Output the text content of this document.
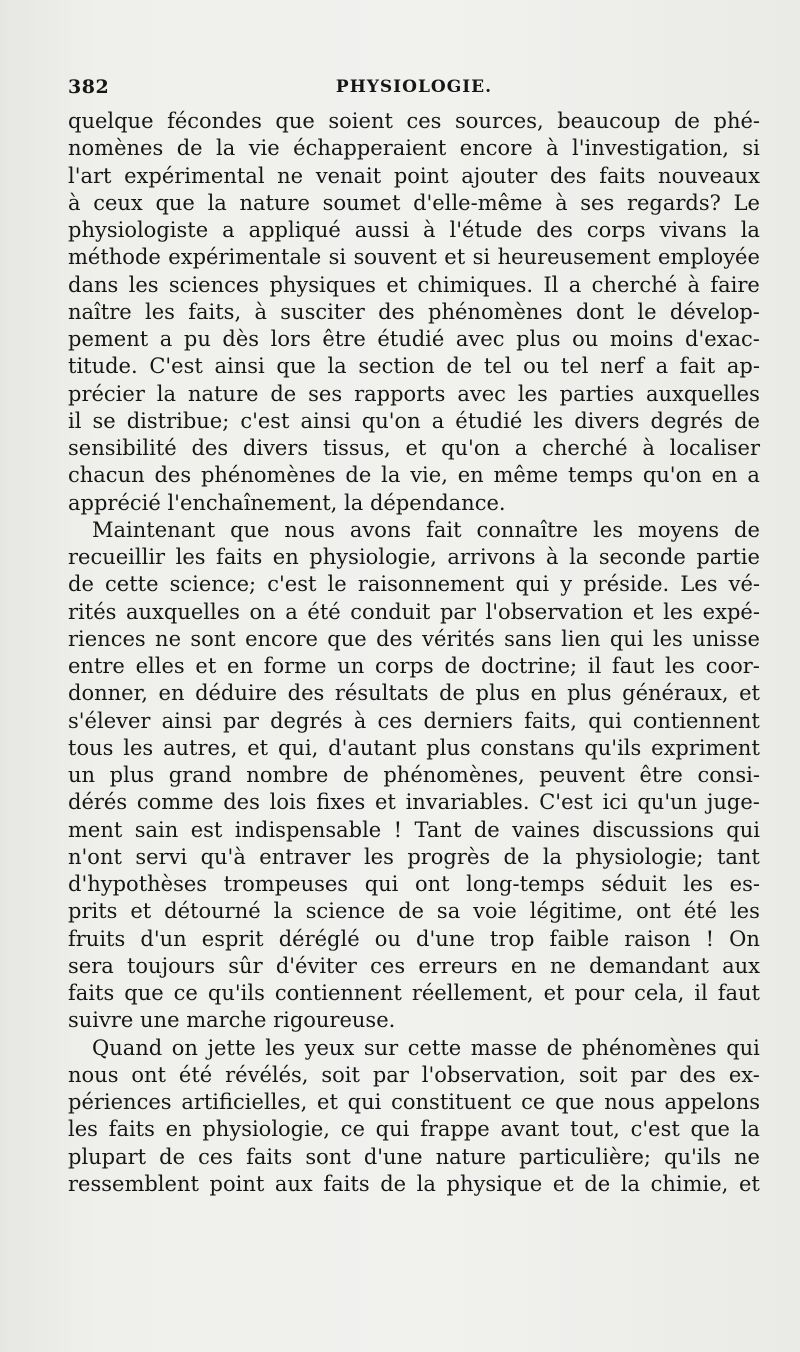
382	PHYSIOLOGIE.
quelque fécondes que soient ces sources, beaucoup de phé-
nomènes de la vie échapperaient encore à l'investigation, si
l'art expérimental ne venait point ajouter des faits nouveaux
à ceux que la nature soumet d'elle-même à ses regards? Le
physiologiste a appliqué aussi à l'étude des corps vivans la
méthode expérimentale si souvent et si heureusement employée
dans les sciences physiques et chimiques. Il a cherché à faire
naître les faits, à susciter des phénomènes dont le dévelop-
pement a pu dès lors être étudié avec plus ou moins d'exac-
titude. C'est ainsi que la section de tel ou tel nerf a fait ap-
précier la nature de ses rapports avec les parties auxquelles
il se distribue; c'est ainsi qu'on a étudié les divers degrés de
sensibilité des divers tissus, et qu'on a cherché à localiser
chacun des phénomènes de la vie, en même temps qu'on en a
apprécié l'enchaînement, la dépendance.
Maintenant que nous avons fait connaître les moyens de
recueillir les faits en physiologie, arrivons à la seconde partie
de cette science; c'est le raisonnement qui y préside. Les vé-
rités auxquelles on a été conduit par l'observation et les expé-
riences ne sont encore que des vérités sans lien qui les unisse
entre elles et en forme un corps de doctrine; il faut les coor-
donner, en déduire des résultats de plus en plus généraux, et
s'élever ainsi par degrés à ces derniers faits, qui contiennent
tous les autres, et qui, d'autant plus constans qu'ils expriment
un plus grand nombre de phénomènes, peuvent être consi-
dérés comme des lois fixes et invariables. C'est ici qu'un juge-
ment sain est indispensable ! Tant de vaines discussions qui
n'ont servi qu'à entraver les progrès de la physiologie; tant
d'hypothèses trompeuses qui ont long-temps séduit les es-
prits et détourné la science de sa voie légitime, ont été les
fruits d'un esprit déréglé ou d'une trop faible raison ! On
sera toujours sûr d'éviter ces erreurs en ne demandant aux
faits que ce qu'ils contiennent réellement, et pour cela, il faut
suivre une marche rigoureuse.
Quand on jette les yeux sur cette masse de phénomènes qui
nous ont été révélés, soit par l'observation, soit par des ex-
périences artificielles, et qui constituent ce que nous appelons
les faits en physiologie, ce qui frappe avant tout, c'est que la
plupart de ces faits sont d'une nature particulière; qu'ils ne
ressemblent point aux faits de la physique et de la chimie, et
